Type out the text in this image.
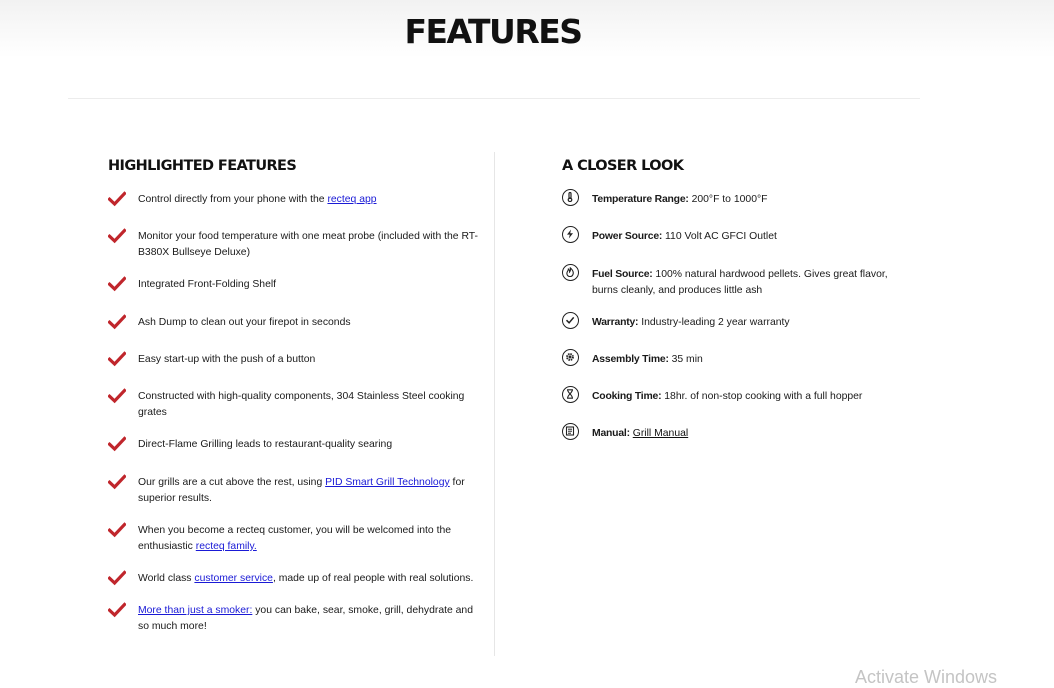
FEATURES
HIGHLIGHTED FEATURES
Control directly from your phone with the recteq app
Monitor your food temperature with one meat probe (included with the RT-B380X Bullseye Deluxe)
Integrated Front-Folding Shelf
Ash Dump to clean out your firepot in seconds
Easy start-up with the push of a button
Constructed with high-quality components, 304 Stainless Steel cooking grates
Direct-Flame Grilling leads to restaurant-quality searing
Our grills are a cut above the rest, using PID Smart Grill Technology for superior results.
When you become a recteq customer, you will be welcomed into the enthusiastic recteq family.
World class customer service, made up of real people with real solutions.
More than just a smoker: you can bake, sear, smoke, grill, dehydrate and so much more!
A CLOSER LOOK
Temperature Range: 200°F to 1000°F
Power Source: 110 Volt AC GFCI Outlet
Fuel Source: 100% natural hardwood pellets. Gives great flavor, burns cleanly, and produces little ash
Warranty: Industry-leading 2 year warranty
Assembly Time: 35 min
Cooking Time: 18hr. of non-stop cooking with a full hopper
Manual: Grill Manual
Activate Windows
